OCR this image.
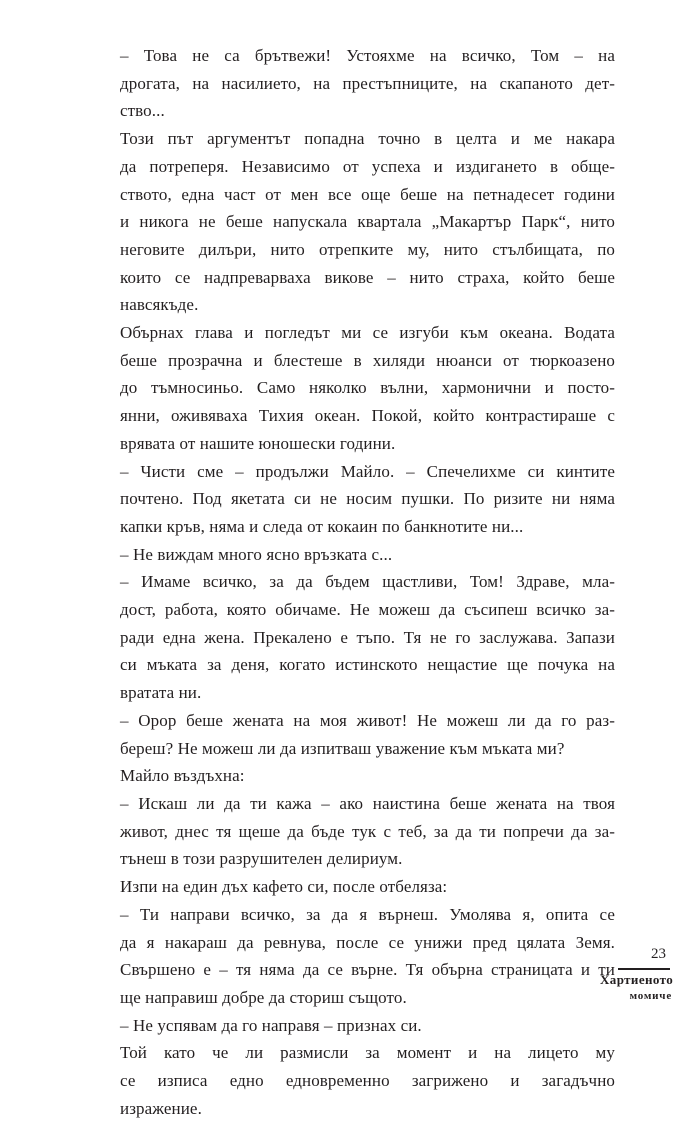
– Това не са брътвежи! Устояхме на всичко, Том – на
дрогата, на насилието, на престъпниците, на скапаното дет-
ство...

Този път аргументът попадна точно в целта и ме накара
да потреперя. Независимо от успеха и издигането в обще-
ството, една част от мен все още беше на петнадесет години
и никога не беше напускала квартала „Макартър Парк“, нито
неговите дилъри, нито отрепките му, нито стълбищата, по
които се надпреварваха викове – нито страха, който беше
навсякъде.

Обърнах глава и погледът ми се изгуби към океана. Водата
беше прозрачна и блестеше в хиляди нюанси от тюркоазено
до тъмносиньо. Само няколко вълни, хармонични и посто-
янни, оживяваха Тихия океан. Покой, който контрастираше с
врявата от нашите юношески години.

– Чисти сме – продължи Майло. – Спечелихме си кинтите
почтено. Под якетата си не носим пушки. По ризите ни няма
капки кръв, няма и следа от кокаин по банкнотите ни...

– Не виждам много ясно връзката с...

– Имаме всичко, за да бъдем щастливи, Том! Здраве, мла-
дост, работа, която обичаме. Не можеш да съсипеш всичко за-
ради една жена. Прекалено е тъпо. Тя не го заслужава. Запази
си мъката за деня, когато истинското нещастие ще почука на
вратата ни.

– Орор беше жената на моя живот! Не можеш ли да го раз-
береш? Не можеш ли да изпитваш уважение към мъката ми?

Майло въздъхна:

– Искаш ли да ти кажа – ако наистина беше жената на твоя
живот, днес тя щеше да бъде тук с теб, за да ти попречи да за-
тънеш в този разрушителен делириум.

Изпи на един дъх кафето си, после отбеляза:

– Ти направи всичко, за да я върнеш. Умолява я, опита се
да я накараш да ревнува, после се унижи пред цялата Земя.
Свършено е – тя няма да се върне. Тя обърна страницата и ти
ще направиш добре да сториш същото.

– Не успявам да го направя – признах си.

Той като че ли размисли за момент и на лицето му
се изписа едно едновременно загрижено и загадъчно
изражение.

23
Хартиеното
момиче
